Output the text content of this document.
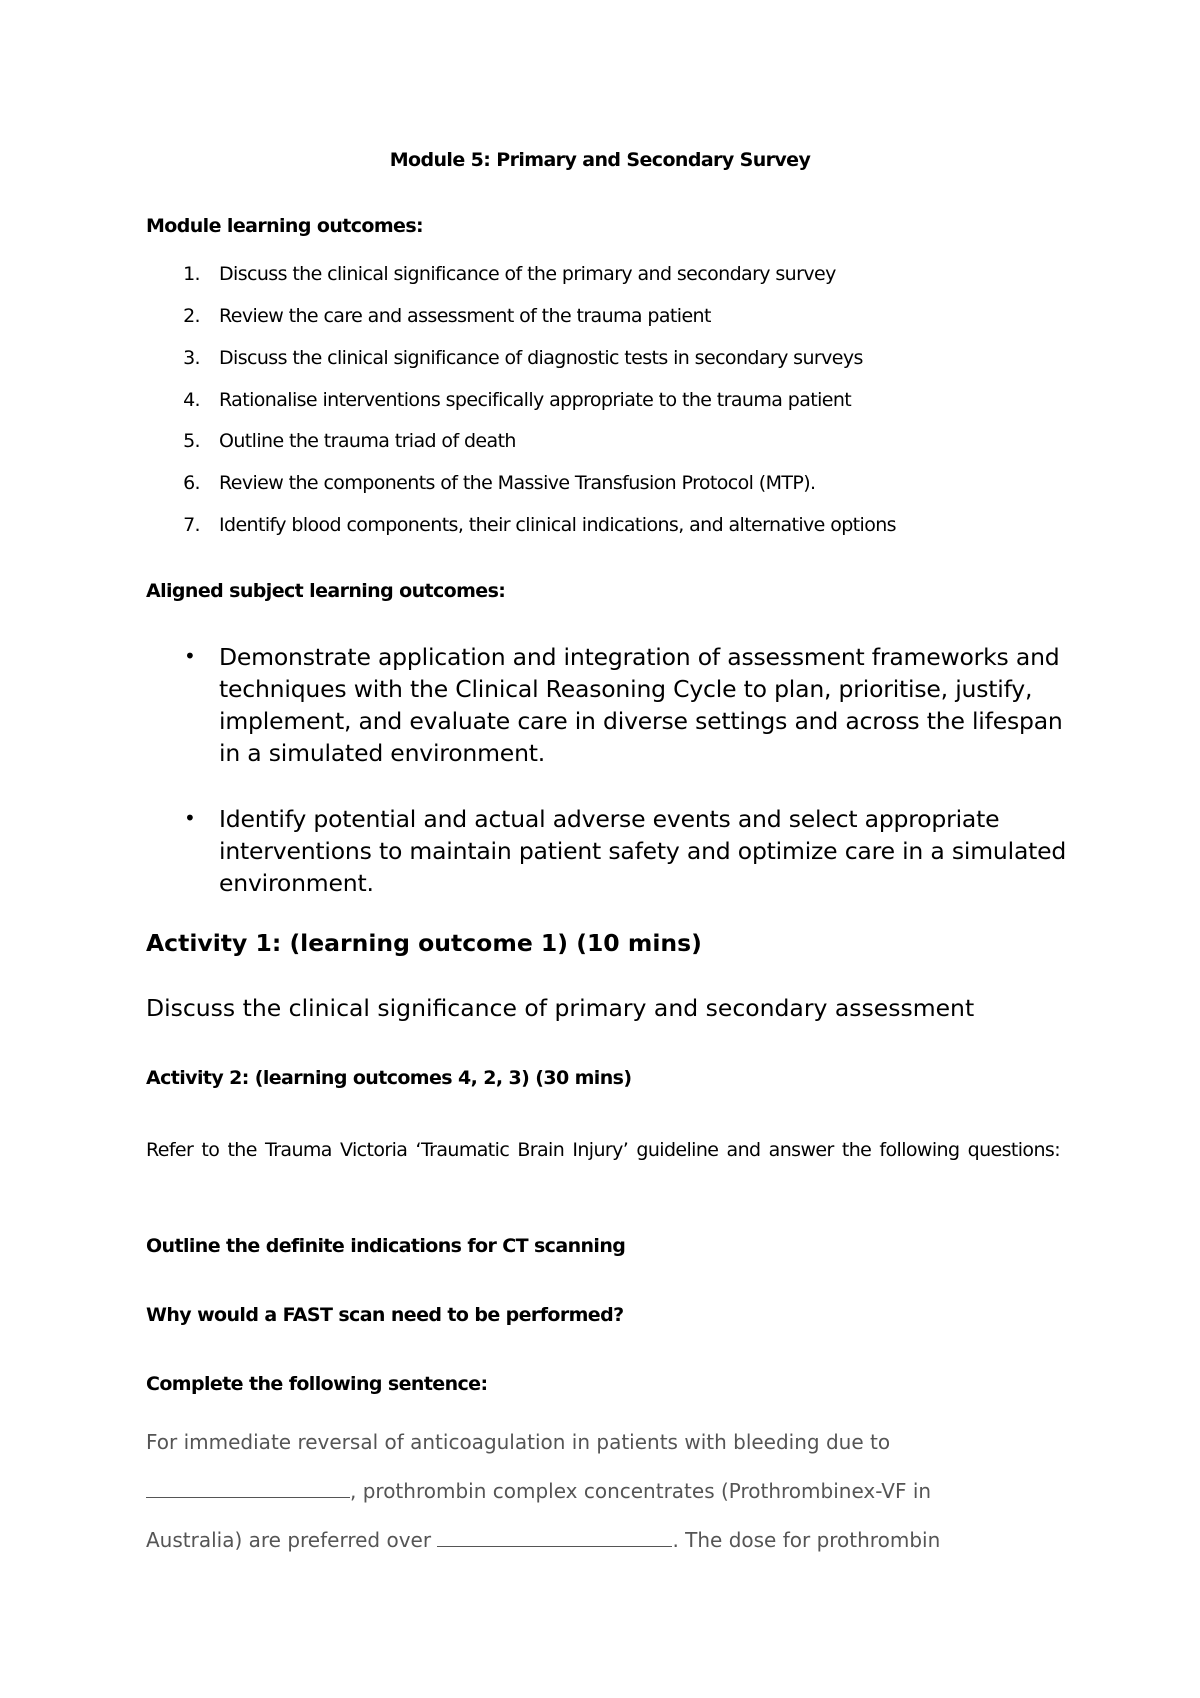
Module 5: Primary and Secondary Survey

Module learning outcomes:

1. Discuss the clinical significance of the primary and secondary survey

2. Review the care and assessment of the trauma patient

3. Discuss the clinical significance of diagnostic tests in secondary surveys

4. Rationalise interventions specifically appropriate to the trauma patient

5. Outline the trauma triad of death

6. Review the components of the Massive Transfusion Protocol (MTP).

7. Identify blood components, their clinical indications, and alternative options

Aligned subject learning outcomes:

• Demonstrate application and integration of assessment frameworks and techniques with the Clinical Reasoning Cycle to plan, prioritise, justify, implement, and evaluate care in diverse settings and across the lifespan in a simulated environment.

• Identify potential and actual adverse events and select appropriate interventions to maintain patient safety and optimize care in a simulated environment.

Activity 1: (learning outcome 1) (10 mins)

Discuss the clinical significance of primary and secondary assessment

Activity 2: (learning outcomes 4, 2, 3) (30 mins)

Refer to the Trauma Victoria ‘Traumatic Brain Injury’ guideline and answer the following questions:

Outline the definite indications for CT scanning

Why would a FAST scan need to be performed?

Complete the following sentence:

For immediate reversal of anticoagulation in patients with bleeding due to

, prothrombin complex concentrates (Prothrombinex-VF in

Australia) are preferred over	. The dose for prothrombin
